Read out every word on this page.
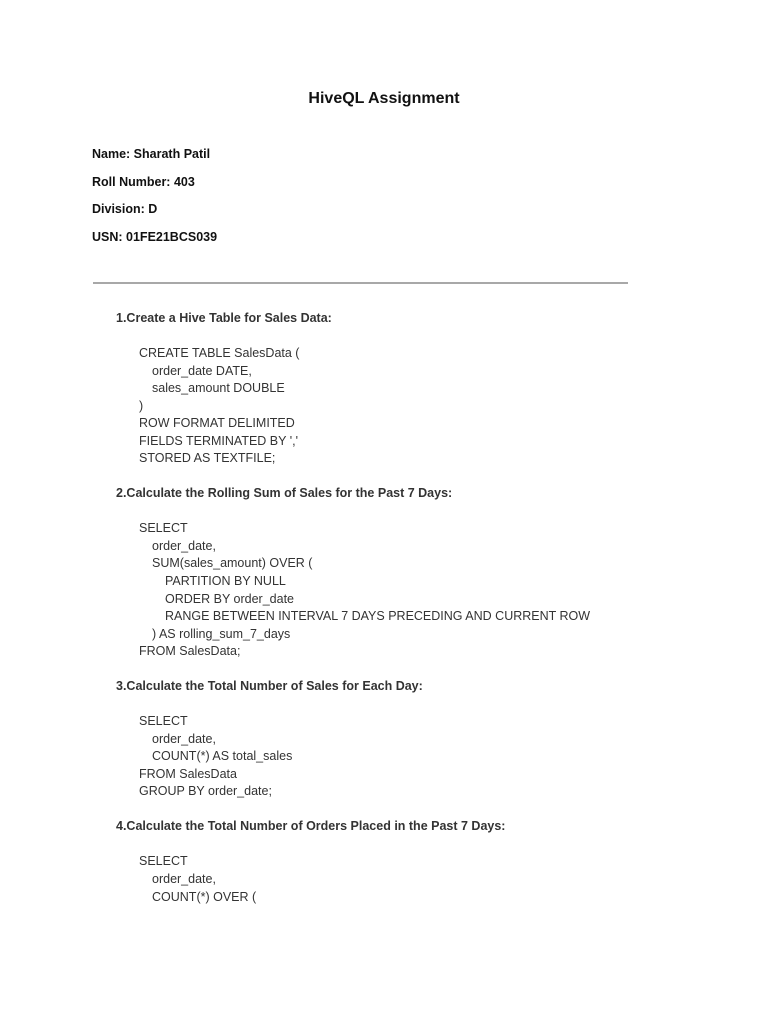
HiveQL Assignment
Name: Sharath Patil
Roll Number: 403
Division: D
USN: 01FE21BCS039
1.Create a Hive Table for Sales Data:
CREATE TABLE SalesData (
order_date DATE,
sales_amount DOUBLE
)
ROW FORMAT DELIMITED
FIELDS TERMINATED BY ','
STORED AS TEXTFILE;
2.Calculate the Rolling Sum of Sales for the Past 7 Days:
SELECT
order_date,
SUM(sales_amount) OVER (
PARTITION BY NULL
ORDER BY order_date
RANGE BETWEEN INTERVAL 7 DAYS PRECEDING AND CURRENT ROW
) AS rolling_sum_7_days
FROM SalesData;
3.Calculate the Total Number of Sales for Each Day:
SELECT
order_date,
COUNT(*) AS total_sales
FROM SalesData
GROUP BY order_date;
4.Calculate the Total Number of Orders Placed in the Past 7 Days:
SELECT
order_date,
COUNT(*) OVER (
